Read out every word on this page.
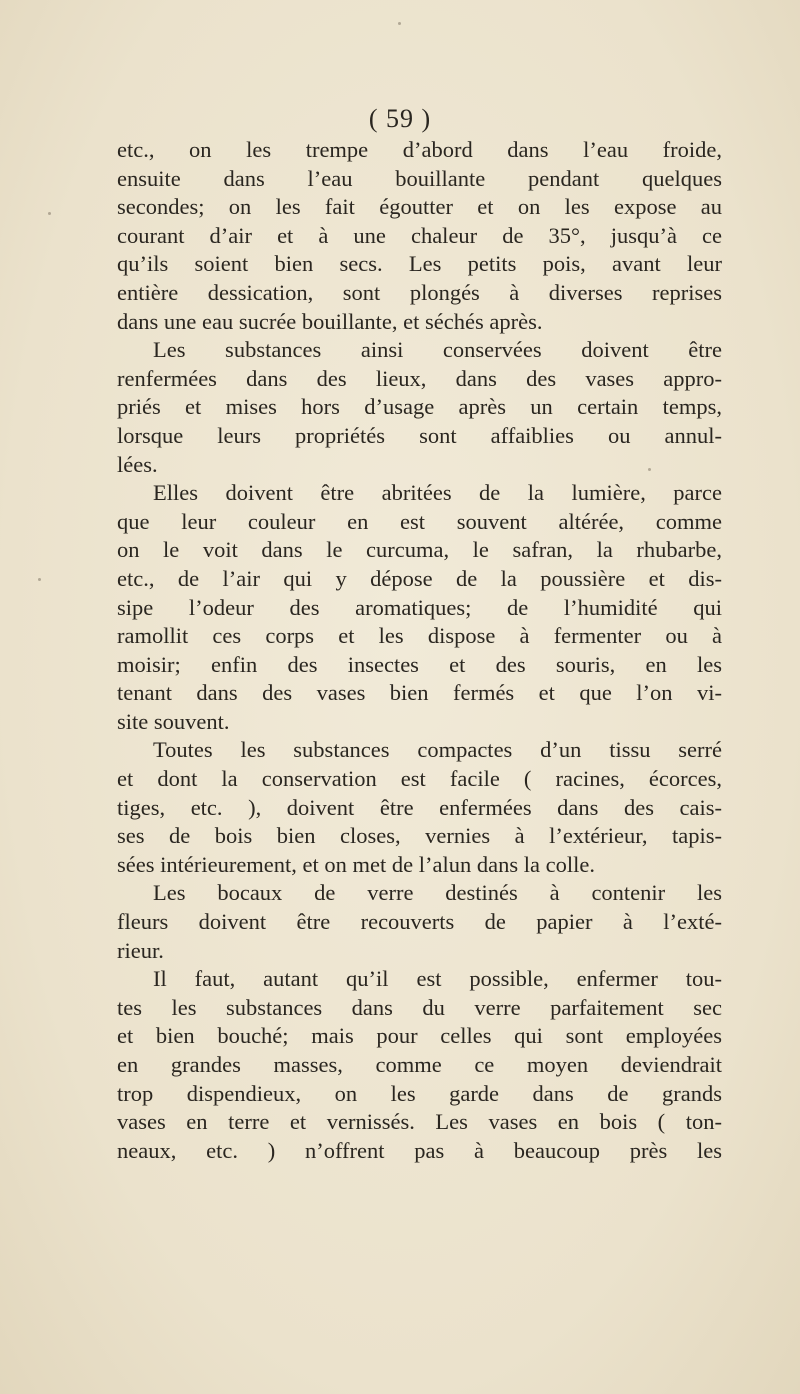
( 59 )
etc., on les trempe d’abord dans l’eau froide,
ensuite dans l’eau bouillante pendant quelques
secondes; on les fait égoutter et on les expose au
courant d’air et à une chaleur de 35°, jusqu’à ce
qu’ils soient bien secs. Les petits pois, avant leur
entière dessication, sont plongés à diverses reprises
dans une eau sucrée bouillante, et séchés après.
Les substances ainsi conservées doivent être
renfermées dans des lieux, dans des vases appro-
priés et mises hors d’usage après un certain temps,
lorsque leurs propriétés sont affaiblies ou annul-
lées.
Elles doivent être abritées de la lumière, parce
que leur couleur en est souvent altérée, comme
on le voit dans le curcuma, le safran, la rhubarbe,
etc., de l’air qui y dépose de la poussière et dis-
sipe l’odeur des aromatiques; de l’humidité qui
ramollit ces corps et les dispose à fermenter ou à
moisir; enfin des insectes et des souris, en les
tenant dans des vases bien fermés et que l’on vi-
site souvent.
Toutes les substances compactes d’un tissu serré
et dont la conservation est facile ( racines, écorces,
tiges, etc. ), doivent être enfermées dans des cais-
ses de bois bien closes, vernies à l’extérieur, tapis-
sées intérieurement, et on met de l’alun dans la colle.
Les bocaux de verre destinés à contenir les
fleurs doivent être recouverts de papier à l’exté-
rieur.
Il faut, autant qu’il est possible, enfermer tou-
tes les substances dans du verre parfaitement sec
et bien bouché; mais pour celles qui sont employées
en grandes masses, comme ce moyen deviendrait
trop dispendieux, on les garde dans de grands
vases en terre et vernissés. Les vases en bois ( ton-
neaux, etc. ) n’offrent pas à beaucoup près les
